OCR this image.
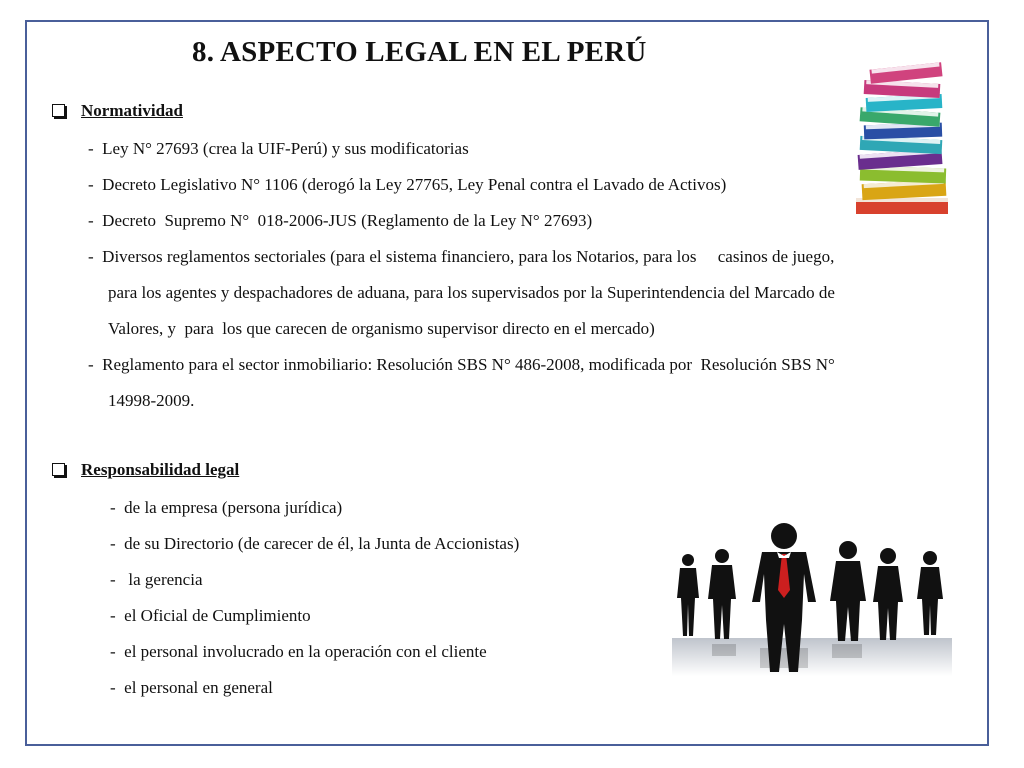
8. ASPECTO LEGAL EN EL PERÚ
Normatividad
-  Ley N° 27693 (crea la UIF-Perú) y sus modificatorias
-  Decreto Legislativo N° 1106 (derogó la Ley 27765, Ley Penal contra el Lavado de Activos)
-  Decreto  Supremo N°  018-2006-JUS (Reglamento de la Ley N° 27693)
-  Diversos reglamentos sectoriales (para el sistema financiero, para los Notarios, para los     casinos de juego,
para los agentes y despachadores de aduana, para los supervisados por la Superintendencia del Marcado de
Valores, y  para  los que carecen de organismo supervisor directo en el mercado)
-  Reglamento para el sector inmobiliario: Resolución SBS N° 486-2008, modificada por  Resolución SBS N°
14998-2009.
Responsabilidad legal
-  de la empresa (persona jurídica)
-  de su Directorio (de carecer de él, la Junta de Accionistas)
-   la gerencia
-  el Oficial de Cumplimiento
-  el personal involucrado en la operación con el cliente
-  el personal en general
